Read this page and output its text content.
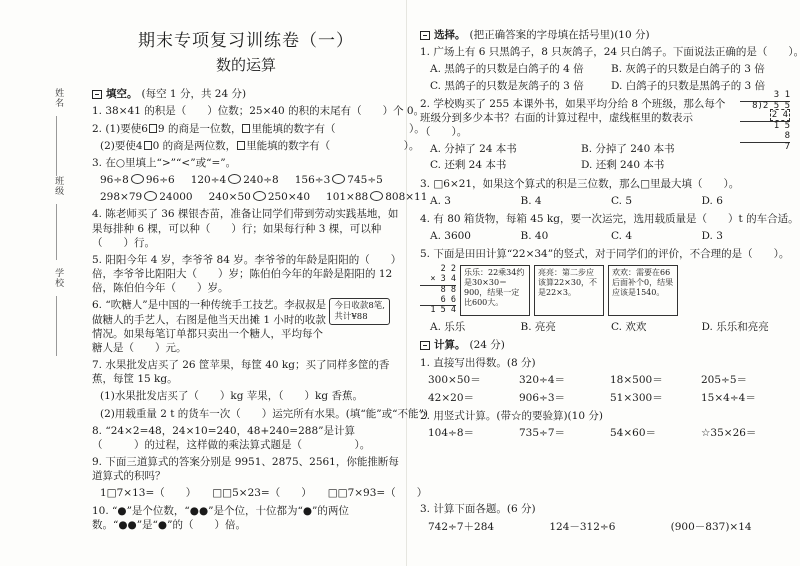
姓名
班级
学校
期末专项复习训练卷（一）
数的运算
填空。 (每空 1 分，共 24 分)
1. 38×41 的积是（　　）位数；25×40 的积的末尾有（　　）个 0。
2. (1)要使6 9 的商是一位数， 里能填的数字有（　　　　　　　）。
(2)要使4 0 的商是两位数， 里能填的数字有（　　　　　　　）。
3. 在○里填上“>”“<”或“=”。
96÷8 96÷6 120÷4 240÷8 156÷3 745÷5
298×79 24000 240×50 250×40 101×88 808×11
4. 陈老师买了 36 棵银杏苗，准备让同学们带到劳动实践基地，如果每排种 6 棵，可以种（　　）行；如果每行种 3 棵，可以种（　　）行。
5. 阳阳今年 4 岁，李爷爷 84 岁。李爷爷的年龄是阳阳的（　　）倍，李爷爷比阳阳大（　　）岁；陈伯伯今年的年龄是阳阳的 12 倍，陈伯伯今年（　　）岁。
6. “吹糖人”是中国的一种传统手工技艺。李叔叔是做糖人的手艺人，右图是他当天出摊 1 小时的收款情况。如果每笔订单都只卖出一个糖人，平均每个糖人是（　　）元。
今日收款8笔,
共计¥88
7. 水果批发店买了 26 筐苹果，每筐 40 kg；买了同样多筐的香蕉，每筐 15 kg。
(1)水果批发店买了（　　）kg 苹果，（　　）kg 香蕉。
(2)用载重量 2 t 的货车一次（　　）运完所有水果。(填“能”或“不能”)
8. “24×2=48，24×10=240，48+240=288”是计算（　　　）的过程，这样做的乘法算式题是（　　　　　）。
9. 下面三道算式的答案分别是 9951、2875、2561，你能推断每道算式的积吗？
1□7×13=（　　） □□5×23=（　　） □□7×93=（　　）
10. “●”是个位数，“●●”是个位，十位都为“●”的两位数。“●●”是“●”的（　　）倍。
选择。 (把正确答案的字母填在括号里)(10 分)
1. 广场上有 6 只黑鸽子，8 只灰鸽子，24 只白鸽子。下面说法正确的是（　　）。
A. 黑鸽子的只数是白鸽子的 4 倍	B. 灰鸽子的只数是白鸽子的 3 倍
C. 黑鸽子的只数是灰鸽子的 3 倍	D. 白鸽子的只数是黑鸽子的 3 倍
2. 学校购买了 255 本课外书，如果平均分给 8 个班级，那么每个班级分到多少本书？右面的计算过程中，虚线框里的数表示（　　）。
A. 分掉了 24 本书	B. 分掉了 240 本书
C. 还剩 24 本书	D. 还剩 240 本书
3 1
8)2 5 5
2 4
1 5
8
7
3. □6×21，如果这个算式的积是三位数，那么□里最大填（　　）。
A. 3	B. 4	C. 5	D. 6
4. 有 80 箱货物，每箱 45 kg，要一次运完，选用载质量是（　　）t 的车合适。
A. 3600	B. 40	C. 4	D. 3
5. 下面是田田计算“22×34”的竖式，对于同学们的评价，不合理的是（　　）。
2 2
× 3 4
8 8
6 6
1 5 4
乐乐：22乘34约是30×30＝900，结果一定比600大。
亮亮：第二步应该算22×30，不是22×3。
欢欢：需要在66后面补个0，结果应该是1540。
A. 乐乐	B. 亮亮	C. 欢欢	D. 乐乐和亮亮
计算。 (24 分)
1. 直接写出得数。(8 分)
300×50＝	320÷4＝	18×500＝	205÷5＝
42×20＝	906÷3＝	51×300＝	15×4÷4＝
2. 用竖式计算。(带☆的要验算)(10 分)
104÷8＝	735÷7＝	54×60＝	☆35×26＝
3. 计算下面各题。(6 分)
742÷7＋284	124－312÷6	(900－837)×14
